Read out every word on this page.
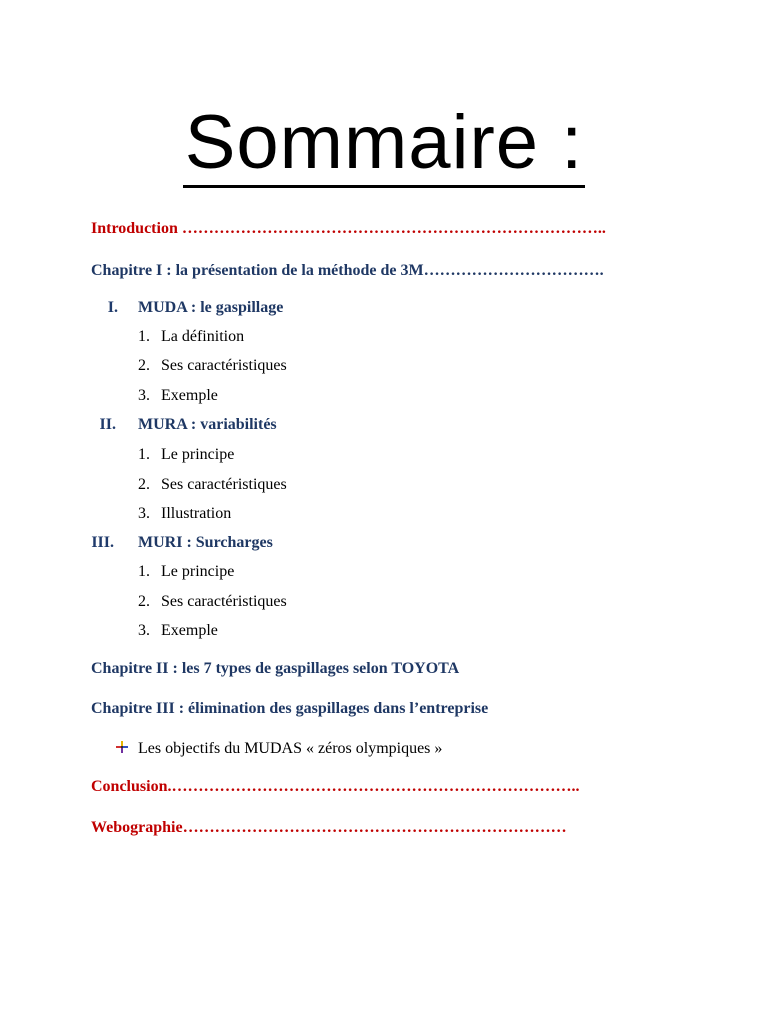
Sommaire :
Introduction ……………………………………………………………………..
Chapitre I : la présentation de la méthode de 3M…………………………….
I. MUDA : le gaspillage
1. La définition
2. Ses caractéristiques
3. Exemple
II. MURA : variabilités
1. Le principe
2. Ses caractéristiques
3. Illustration
III. MURI : Surcharges
1. Le principe
2. Ses caractéristiques
3. Exemple
Chapitre II : les 7 types de gaspillages selon TOYOTA
Chapitre III : élimination des gaspillages dans l’entreprise
Les objectifs du MUDAS « zéros olympiques »
Conclusion.…………………………………………………………………..
Webographie………………………………………………………………
